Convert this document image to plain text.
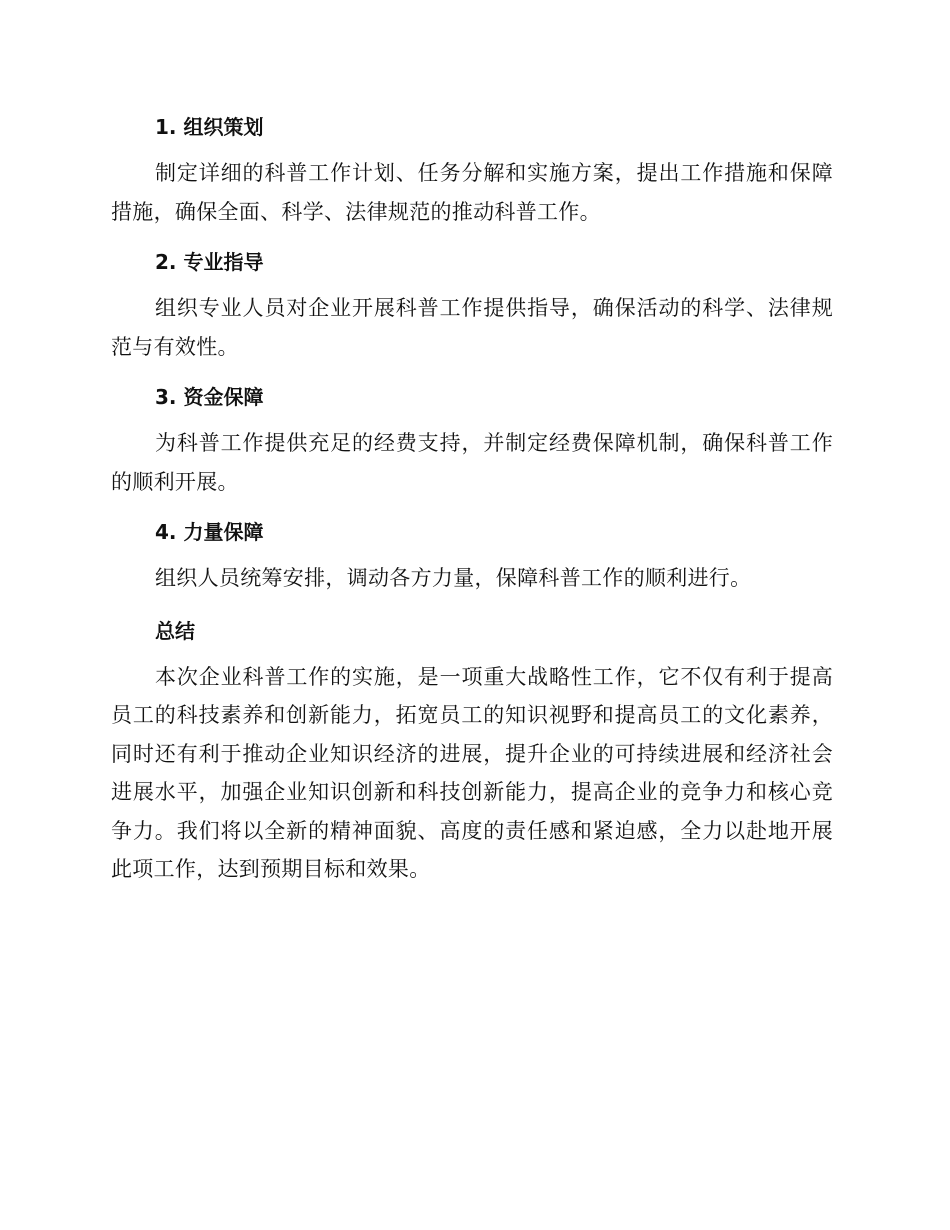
1. 组织策划

制定详细的科普工作计划、任务分解和实施方案，提出工作措施和保障措施，确保全面、科学、法律规范的推动科普工作。

2. 专业指导

组织专业人员对企业开展科普工作提供指导，确保活动的科学、法律规范与有效性。

3. 资金保障

为科普工作提供充足的经费支持，并制定经费保障机制，确保科普工作的顺利开展。

4. 力量保障

组织人员统筹安排，调动各方力量，保障科普工作的顺利进行。

总结

本次企业科普工作的实施，是一项重大战略性工作，它不仅有利于提高员工的科技素养和创新能力，拓宽员工的知识视野和提高员工的文化素养，同时还有利于推动企业知识经济的进展，提升企业的可持续进展和经济社会进展水平，加强企业知识创新和科技创新能力，提高企业的竞争力和核心竞争力。我们将以全新的精神面貌、高度的责任感和紧迫感，全力以赴地开展此项工作，达到预期目标和效果。
